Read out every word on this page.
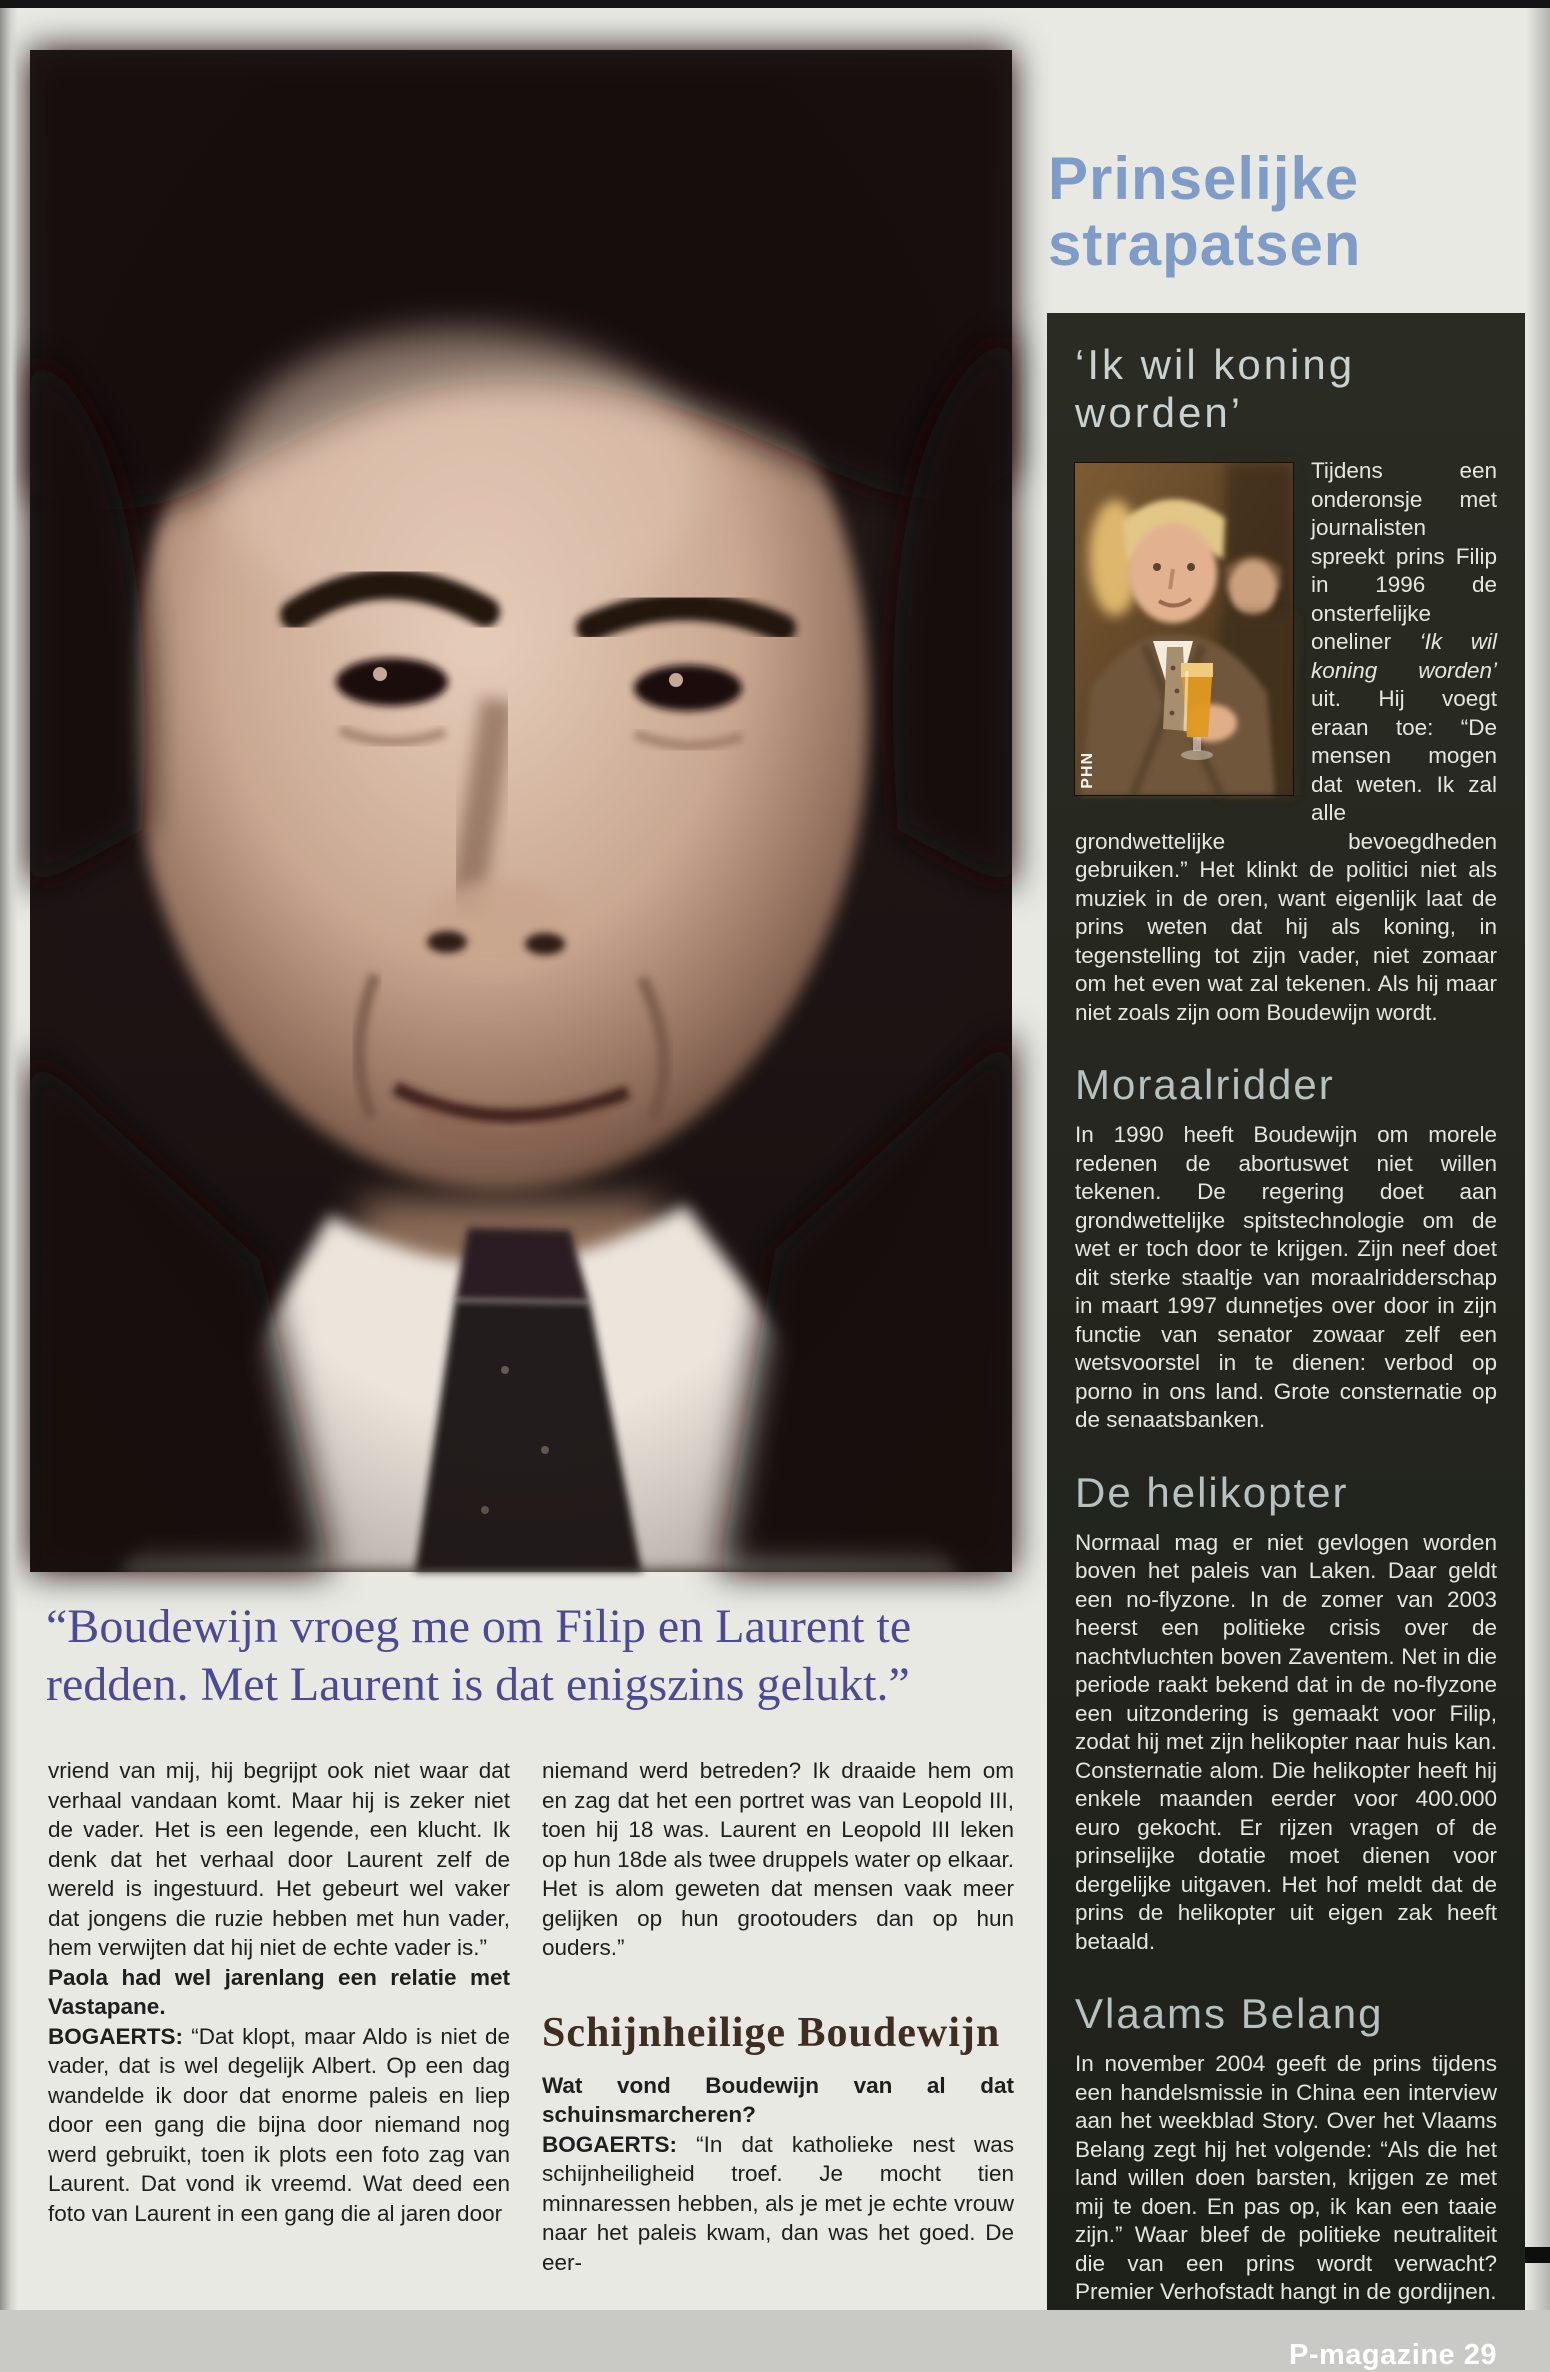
“Boudewijn vroeg me om Filip en Laurent te
redden. Met Laurent is dat enigszins gelukt.”

vriend van mij, hij begrijpt ook niet waar dat verhaal vandaan komt. Maar hij is zeker niet de vader. Het is een legende, een klucht. Ik denk dat het verhaal door Laurent zelf de wereld is ingestuurd. Het gebeurt wel vaker dat jongens die ruzie hebben met hun vader, hem verwijten dat hij niet de echte vader is.”

Paola had wel jarenlang een relatie met Vastapane.

BOGAERTS: “Dat klopt, maar Aldo is niet de vader, dat is wel degelijk Albert. Op een dag wandelde ik door dat enorme paleis en liep door een gang die bijna door niemand nog werd gebruikt, toen ik plots een foto zag van Laurent. Dat vond ik vreemd. Wat deed een foto van Laurent in een gang die al jaren door

niemand werd betreden? Ik draaide hem om en zag dat het een portret was van Leopold III, toen hij 18 was. Laurent en Leopold III leken op hun 18de als twee druppels water op elkaar. Het is alom geweten dat mensen vaak meer gelijken op hun grootouders dan op hun ouders.”

Schijnheilige Boudewijn

Wat vond Boudewijn van al dat schuinsmarcheren?

BOGAERTS: “In dat katholieke nest was schijnheiligheid troef. Je mocht tien minnaressen hebben, als je met je echte vrouw naar het paleis kwam, dan was het goed. De eer-

Prinselijke
strapatsen
‘Ik wil koning worden’
PHN

Tijdens een onderonsje met journalisten spreekt prins Filip in 1996 de onsterfelijke oneliner ‘Ik wil koning worden’ uit. Hij voegt eraan toe: “De mensen mogen dat weten. Ik zal alle grondwettelijke bevoegdheden gebruiken.” Het klinkt de politici niet als muziek in de oren, want eigenlijk laat de prins weten dat hij als koning, in tegenstelling tot zijn vader, niet zomaar om het even wat zal tekenen. Als hij maar niet zoals zijn oom Boudewijn wordt.

Moraalridder

In 1990 heeft Boudewijn om morele redenen de abortuswet niet willen tekenen. De regering doet aan grondwettelijke spitstechnologie om de wet er toch door te krijgen. Zijn neef doet dit sterke staaltje van moraalridderschap in maart 1997 dunnetjes over door in zijn functie van senator zowaar zelf een wetsvoorstel in te dienen: verbod op porno in ons land. Grote consternatie op de senaatsbanken.

De helikopter

Normaal mag er niet gevlogen worden boven het paleis van Laken. Daar geldt een no-flyzone. In de zomer van 2003 heerst een politieke crisis over de nachtvluchten boven Zaventem. Net in die periode raakt bekend dat in de no-flyzone een uitzondering is gemaakt voor Filip, zodat hij met zijn helikopter naar huis kan. Consternatie alom. Die helikopter heeft hij enkele maanden eerder voor 400.000 euro gekocht. Er rijzen vragen of de prinselijke dotatie moet dienen voor dergelijke uitgaven. Het hof meldt dat de prins de helikopter uit eigen zak heeft betaald.

Vlaams Belang

In november 2004 geeft de prins tijdens een handelsmissie in China een interview aan het weekblad Story. Over het Vlaams Belang zegt hij het volgende: “Als die het land willen doen barsten, krijgen ze met mij te doen. En pas op, ik kan een taaie zijn.” Waar bleef de politieke neutraliteit die van een prins wordt verwacht? Premier Verhofstadt hangt in de gordijnen.

P-magazine 29
